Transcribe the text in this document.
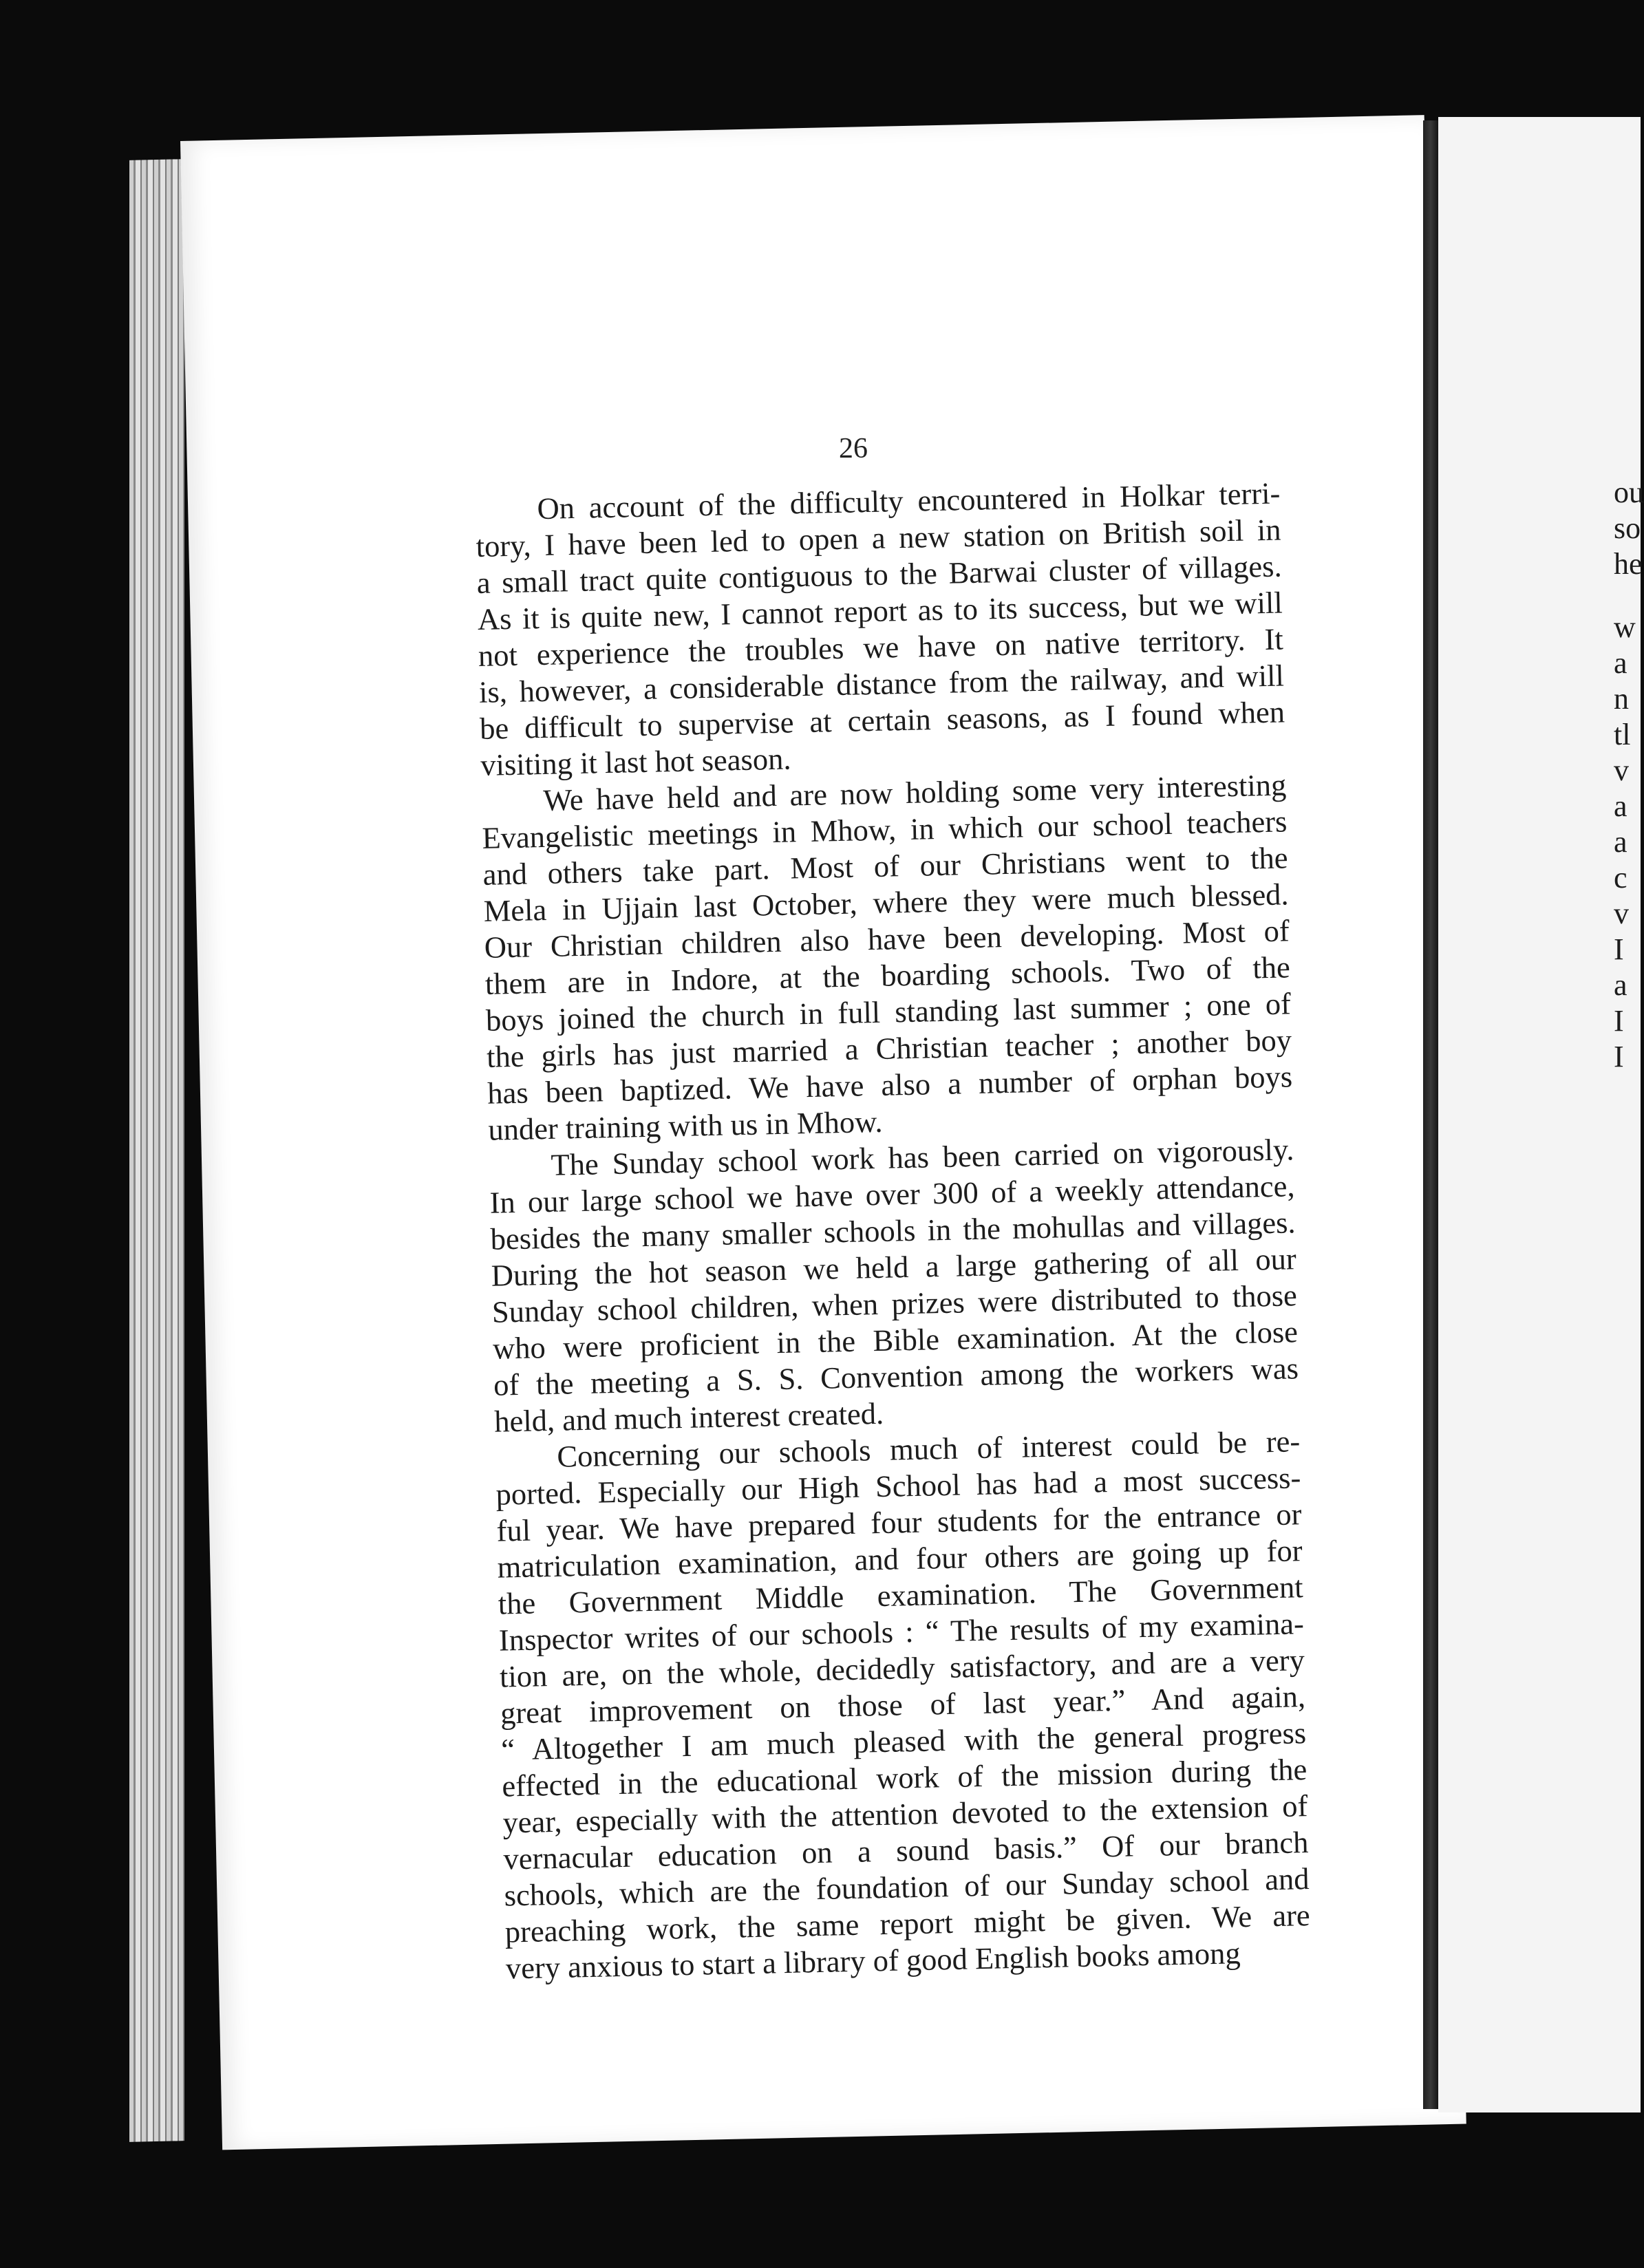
26
On account of the difficulty encountered in Holkar terri-
tory, I have been led to open a new station on British soil in
a small tract quite contiguous to the Barwai cluster of villages.
As it is quite new, I cannot report as to its success, but we will
not experience the troubles we have on native territory. It
is, however, a considerable distance from the railway, and will
be difficult to supervise at certain seasons, as I found when
visiting it last hot season.
We have held and are now holding some very interesting
Evangelistic meetings in Mhow, in which our school teachers
and others take part. Most of our Christians went to the
Mela in Ujjain last October, where they were much blessed.
Our Christian children also have been developing. Most of
them are in Indore, at the boarding schools. Two of the
boys joined the church in full standing last summer ; one of
the girls has just married a Christian teacher ; another boy
has been baptized. We have also a number of orphan boys
under training with us in Mhow.
The Sunday school work has been carried on vigorously.
In our large school we have over 300 of a weekly attendance,
besides the many smaller schools in the mohullas and villages.
During the hot season we held a large gathering of all our
Sunday school children, when prizes were distributed to those
who were proficient in the Bible examination. At the close
of the meeting a S. S. Convention among the workers was
held, and much interest created.
Concerning our schools much of interest could be re-
ported. Especially our High School has had a most success-
ful year. We have prepared four students for the entrance or
matriculation examination, and four others are going up for
the Government Middle examination. The Government
Inspector writes of our schools : “ The results of my examina-
tion are, on the whole, decidedly satisfactory, and are a very
great improvement on those of last year.” And again,
“ Altogether I am much pleased with the general progress
effected in the educational work of the mission during the
year, especially with the attention devoted to the extension of
vernacular education on a sound basis.” Of our branch
schools, which are the foundation of our Sunday school and
preaching work, the same report might be given. We are
very anxious to start a library of good English books among
ou
so
he
w
a
n
tl
v
a
a
c
v
I
a
I
I
